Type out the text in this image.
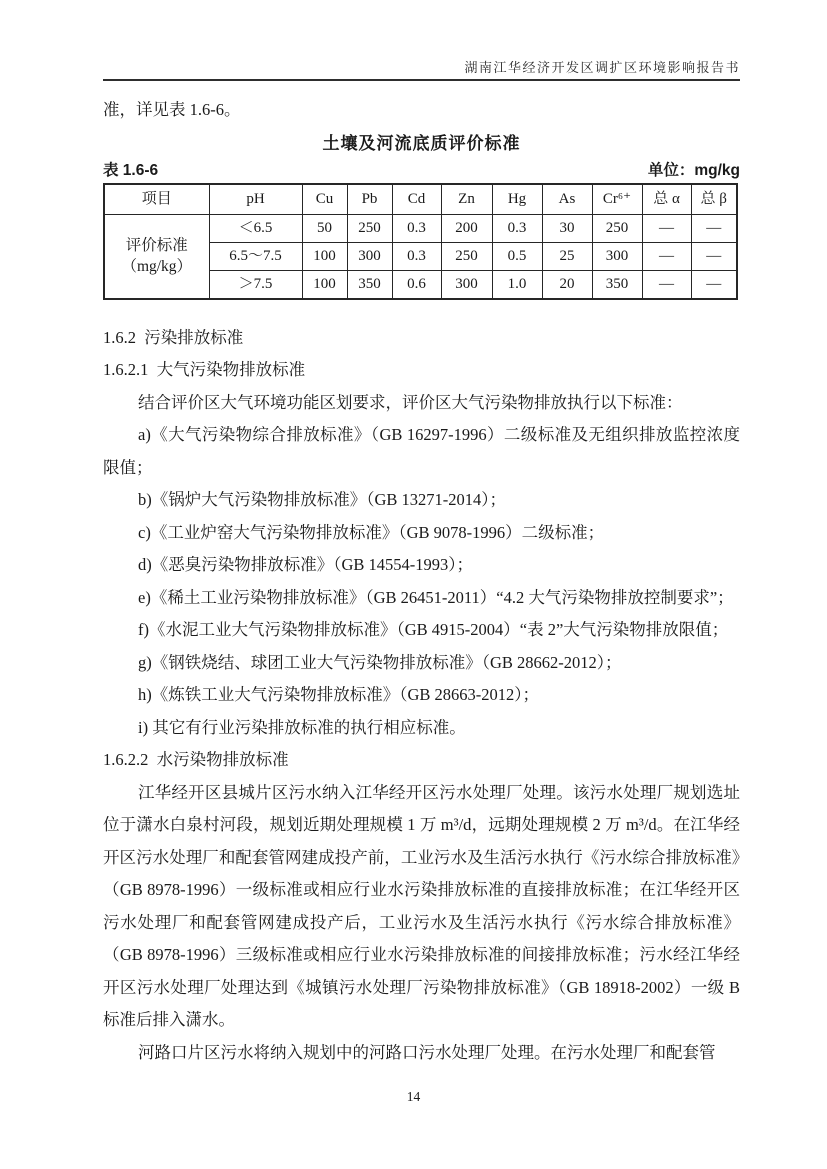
湖南江华经济开发区调扩区环境影响报告书

准，详见表 1.6-6。

土壤及河流底质评价标准
表 1.6-6	单位：mg/kg
项目	pH	Cu	Pb	Cd	Zn	Hg	As	Cr⁶⁺	总 α	总 β

评价标准
（mg/kg）	＜6.5	50	250	0.3	200	0.3	30	250	—	—
	6.5～7.5	100	300	0.3	250	0.5	25	300	—	—
	＞7.5	100	350	0.6	300	1.0	20	350	—	—
1.6.2  污染排放标准
1.6.2.1  大气污染物排放标准

结合评价区大气环境功能区划要求，评价区大气污染物排放执行以下标准：

a)《大气污染物综合排放标准》（GB 16297-1996）二级标准及无组织排放监控浓度限值；

b)《锅炉大气污染物排放标准》（GB 13271-2014）；

c)《工业炉窑大气污染物排放标准》（GB 9078-1996）二级标准；

d)《恶臭污染物排放标准》（GB 14554-1993）；

e)《稀土工业污染物排放标准》（GB 26451-2011）“4.2 大气污染物排放控制要求”；

f)《水泥工业大气污染物排放标准》（GB 4915-2004）“表 2”大气污染物排放限值；

g)《钢铁烧结、球团工业大气污染物排放标准》（GB 28662-2012）；

h)《炼铁工业大气污染物排放标准》（GB 28663-2012）；

i) 其它有行业污染排放标准的执行相应标准。

1.6.2.2  水污染物排放标准

江华经开区县城片区污水纳入江华经开区污水处理厂处理。该污水处理厂规划选址位于潇水白泉村河段，规划近期处理规模 1 万 m³/d，远期处理规模 2 万 m³/d。在江华经开区污水处理厂和配套管网建成投产前，工业污水及生活污水执行《污水综合排放标准》（GB 8978-1996）一级标准或相应行业水污染排放标准的直接排放标准；在江华经开区污水处理厂和配套管网建成投产后，工业污水及生活污水执行《污水综合排放标准》（GB 8978-1996）三级标准或相应行业水污染排放标准的间接排放标准；污水经江华经开区污水处理厂处理达到《城镇污水处理厂污染物排放标准》（GB 18918-2002）一级 B 标准后排入潇水。

河路口片区污水将纳入规划中的河路口污水处理厂处理。在污水处理厂和配套管

14
